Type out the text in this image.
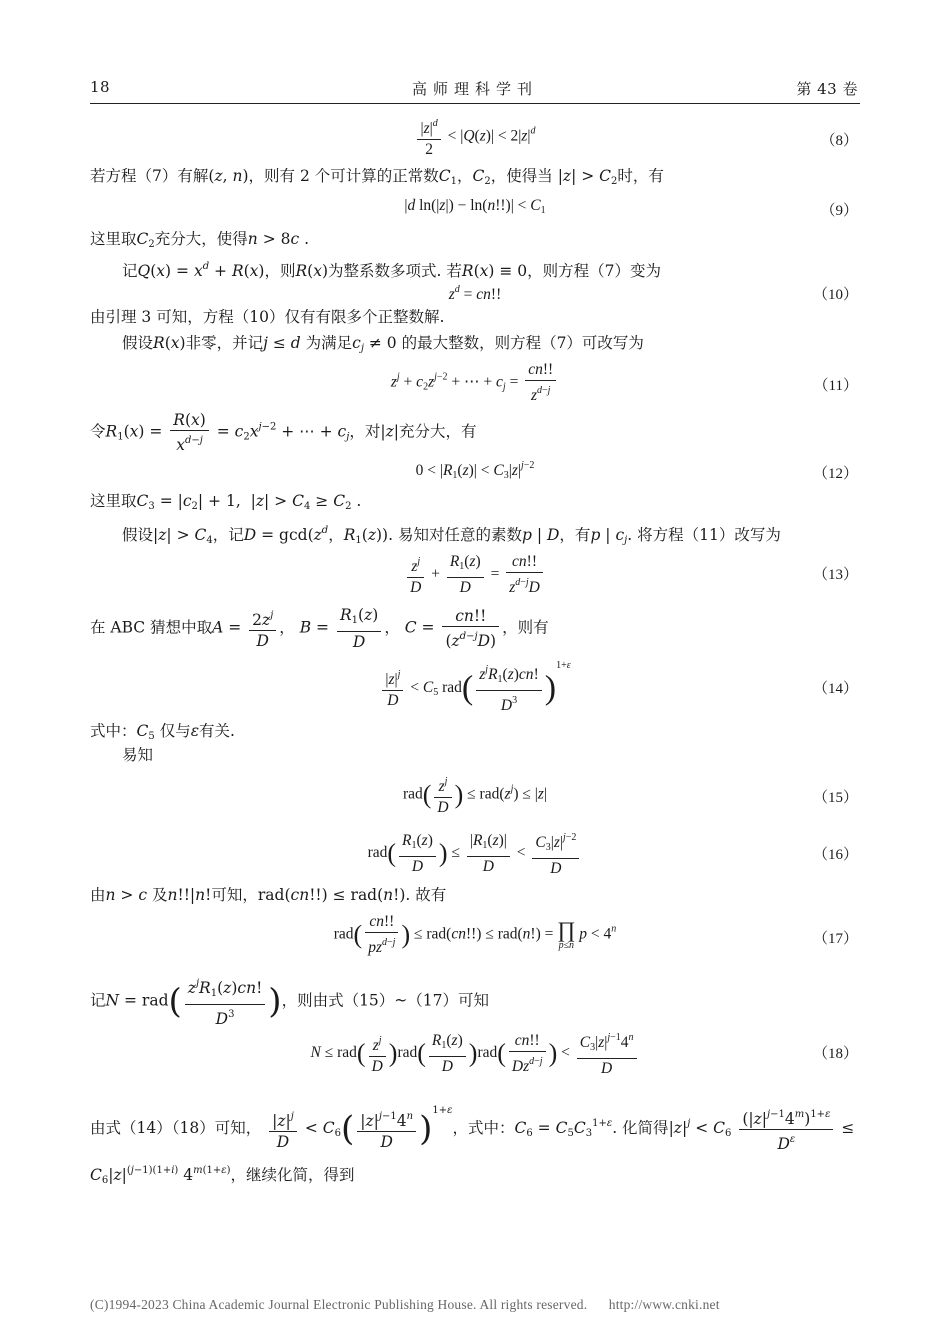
18	高师理科学刊	第 43 卷
$\frac{|z|^d}{2} < |Q(z)| < 2|z|^d$
（8）
若方程（7）有解(z, n)，则有 2 个可计算的正常数$C_1$，$C_2$，使得当 $|z| > C_2$时，有
|d $\ln(|z|) - \ln(n!!)| < C_1$	（9）
这里取$C_2$充分大，使得n > 8c .
记$Q(x) = x^d + R(x)$，则R(x)为整系数多项式. 若R(x) ≡ 0，则方程（7）变为
$z^d$ = cn!!	（10）
由引理 3 可知，方程（10）仅有有限多个正整数解.
假设R(x)非零，并记j ≤ d 为满足$c_j \ne 0$ 的最大整数，则方程（7）可改写为
$z^j + c_2z^{j-2}$ + ⋯ + $c_j = \frac{cn!!}{z^{d-j}}$	（11）
令$R_1(x) = \frac{R(x)}{x^{d-j}} = c_2x^{j-2}$ + ⋯ + $c_j$，对|z|充分大，有
$0 < |R_1(z)| < C_3|z|^{j-2}$
（12）
这里取$C_3 = |c_2| + 1$,  $|z| > C_4 \ge C_2$ .
假设$|z| > C_4$，记$D = \gcd(z^d$，$R_1(z)$). 易知对任意的素数p | D，有p | $c_j$. 将方程（11）改写为
$\frac{z^j}{D} + \frac{R_1(z)}{D} = \frac{cn!!}{z^{d-j}D}$	（13）
在 ABC 猜想中取$A = \frac{2z^j}{D}$ ， $B = \frac{R_1(z)}{D}$ ， $C = \frac{cn!!}{(z^{d-j}D)}$ ，则有
$\frac{|z|^j}{D} < C_5$ $rad( \frac{z^jR_1(z)cn!}{D^3} )^{1+\varepsilon}$
（14）
式中：$C_5$ 仅与ε有关.
易知
$rad( \frac{z^j}{D}$ ) ≤ $rad(z^j) \le |z|$	（15）
$rad( \frac{R_1(z)}{D}$ ) ≤ $\frac{|R_1(z)|}{D} < \frac{C_3|z|^{j-2}}{D}$	（16）
由n > c 及n!!|n!可知，rad(cn!!) ≤ rad(n!). 故有
$rad( \frac{cn!!}{pz^{d-j}}$ ) ≤ rad(cn!!) ≤ rad(n!) = ∏
p≤n
$p < 4^n$
（17）
记$N = rad( \frac{z^jR_1(z)cn!}{D^3}$ )，则由式（15）~（17）可知
$N \le rad( \frac{z^j}{D} )rad( \frac{R_1(z)}{D} )rad( \frac{cn!!}{Dz^{d-j}}$ ) < $\frac{C_3|z|^{j-1}4^n}{D}$	（18）
由式（14）（18）可知， $\frac{|z|^j}{D} < C_6( \frac{|z|^{j-1}4^n}{D} )^{1+\varepsilon}$，式中：$C_6 = C_5C_3^{1+\varepsilon}$. 化简得$|z|^j < C_6 \frac{(|z|^{j-1}4^m)^{1+\varepsilon}}{D^\varepsilon}$ ≤
$C_6|z|^{(j-1)(1+i)}$ $4^{m(1+\varepsilon)}$，继续化简，得到
(C)1994-2023 China Academic Journal Electronic Publishing House. All rights reserved. http://www.cnki.net
